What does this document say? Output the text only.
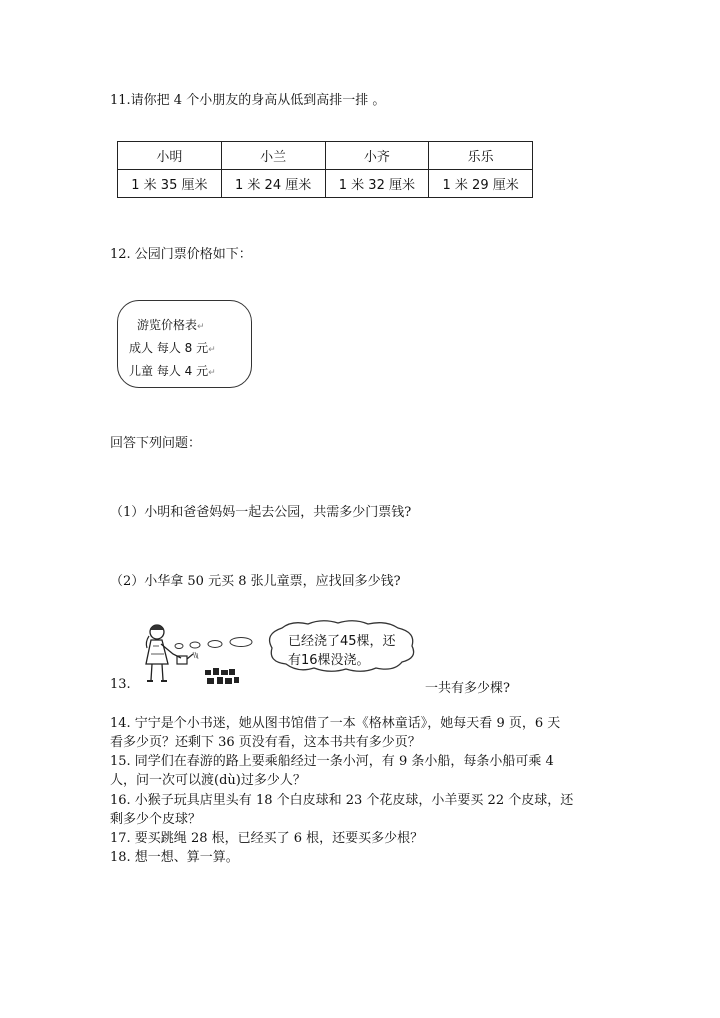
11.请你把 4 个小朋友的身高从低到高排一排 。
小明	小兰	小齐	乐乐
1 米 35 厘米	1 米 24 厘米	1 米 32 厘米	1 米 29 厘米
12. 公园门票价格如下：
游览价格表↵
成人 每人 8 元↵
儿童 每人 4 元↵
回答下列问题：
（1）小明和爸爸妈妈一起去公园，共需多少门票钱?
（2）小华拿 50 元买 8 张儿童票，应找回多少钱?
13.
已经浇了45棵，还
有16棵没浇。
一共有多少棵?
14. 宁宁是个小书迷，她从图书馆借了一本《格林童话》，她每天看 9 页，6 天
看多少页？还剩下 36 页没有看，这本书共有多少页？
15. 同学们在春游的路上要乘船经过一条小河，有 9 条小船，每条小船可乘 4
人，问一次可以渡(dù)过多少人？
16. 小猴子玩具店里头有 18 个白皮球和 23 个花皮球，小羊要买 22 个皮球，还
剩多少个皮球？
17. 要买跳绳 28 根，已经买了 6 根，还要买多少根？
18. 想一想、算一算。
